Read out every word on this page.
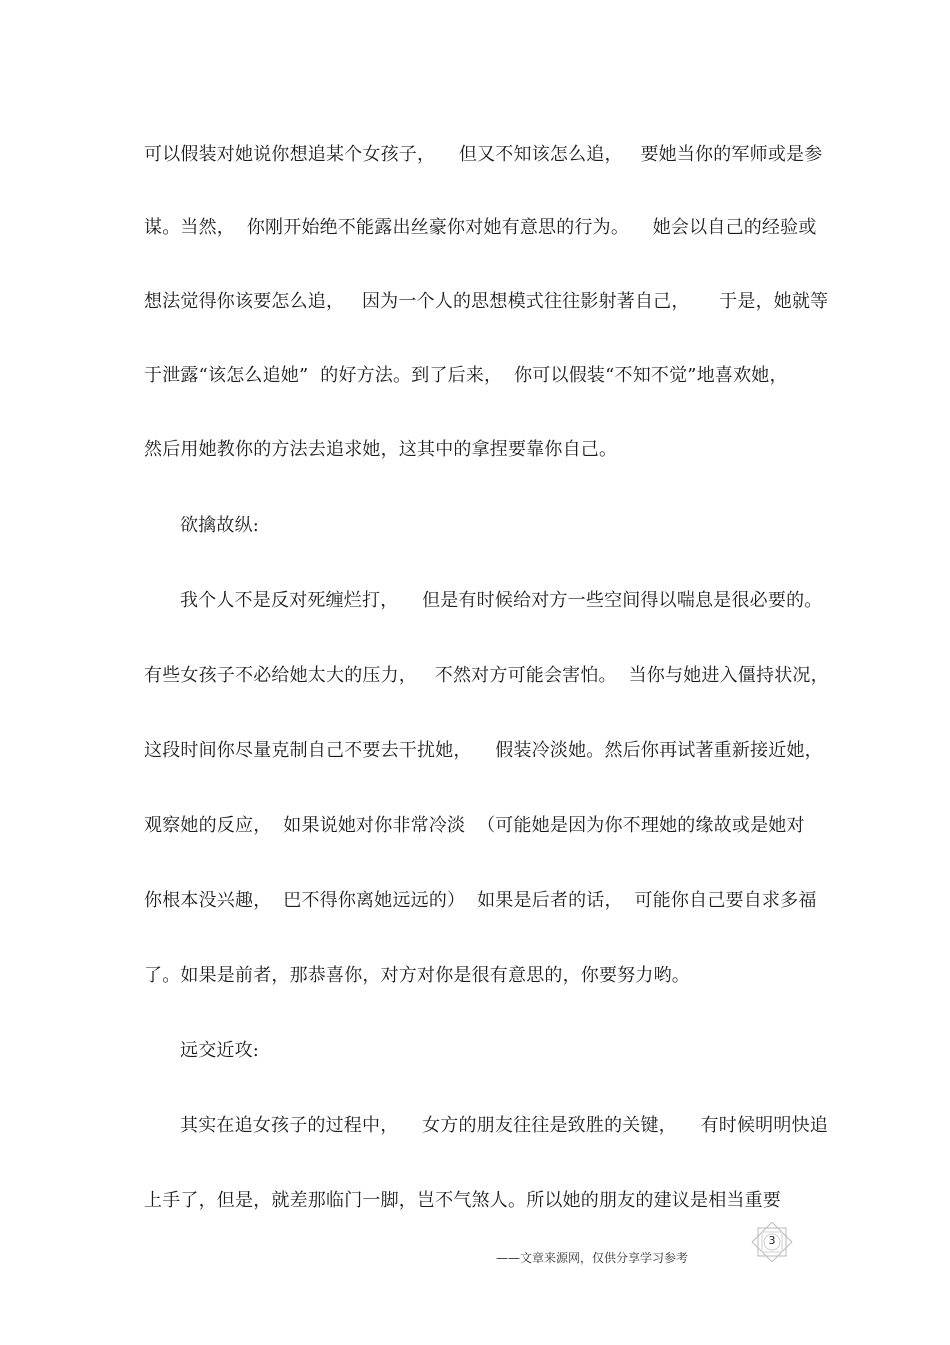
可以假装对她说你想追某个女孩子，    但又不知该怎么追，   要她当你的军师或是参
谋。当然，  你刚开始绝不能露出丝豪你对她有意思的行为。    她会以自己的经验或
想法觉得你该要怎么追，   因为一个人的思想模式往往影射著自己，     于是，她就等
于泄露“该怎么追她”  的好方法。到了后来，  你可以假装“不知不觉”地喜欢她，
然后用她教你的方法去追求她，这其中的拿捏要靠你自己。
欲擒故纵:
我个人不是反对死缠烂打，    但是有时候给对方一些空间得以喘息是很必要的。
有些女孩子不必给她太大的压力，   不然对方可能会害怕。  当你与她进入僵持状况，
这段时间你尽量克制自己不要去干扰她，    假装冷淡她。然后你再试著重新接近她，
观察她的反应，  如果说她对你非常冷淡  （可能她是因为你不理她的缘故或是她对
你根本没兴趣，  巴不得你离她远远的）  如果是后者的话，  可能你自己要自求多福
了。如果是前者，那恭喜你，对方对你是很有意思的，你要努力哟。
远交近攻:
其实在追女孩子的过程中，    女方的朋友往往是致胜的关键，    有时候明明快追
上手了，但是，就差那临门一脚，岂不气煞人。所以她的朋友的建议是相当重要
——文章来源网，仅供分享学习参考
3
